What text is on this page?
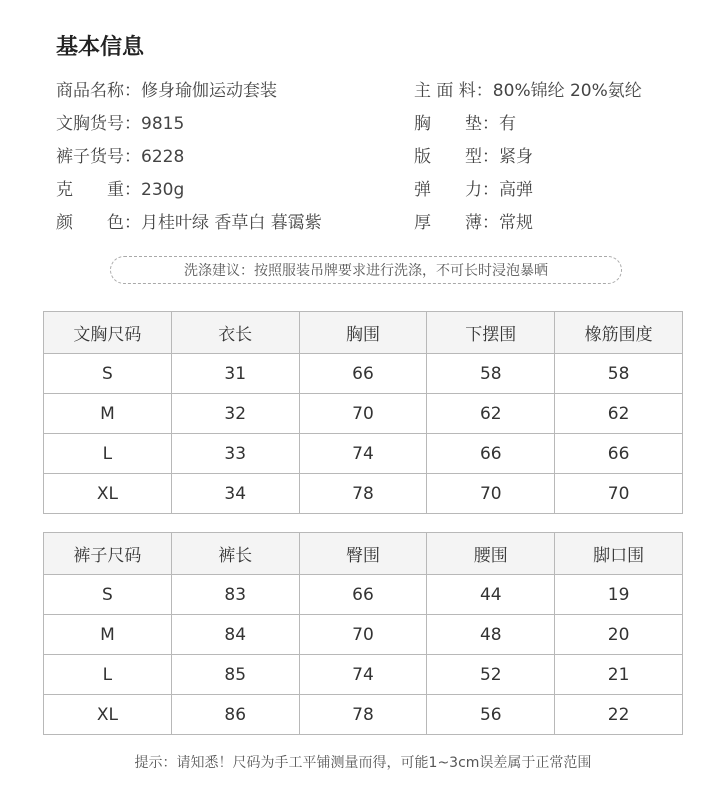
基本信息
商品名称：修身瑜伽运动套装	主 面 料：80%锦纶 20%氨纶
文胸货号：9815	胸　　垫：有
裤子货号：6228	版　　型：紧身
克　　重：230g	弹　　力：高弹
颜　　色：月桂叶绿 香草白 暮霭紫	厚　　薄：常规
洗涤建议：按照服装吊牌要求进行洗涤，不可长时浸泡暴晒
文胸尺码	衣长	胸围	下摆围	橡筋围度
S	31	66	58	58
M	32	70	62	62
L	33	74	66	66
XL	34	78	70	70
裤子尺码	裤长	臀围	腰围	脚口围
S	83	66	44	19
M	84	70	48	20
L	85	74	52	21
XL	86	78	56	22
提示：请知悉！尺码为手工平铺测量而得，可能1~3cm误差属于正常范围
